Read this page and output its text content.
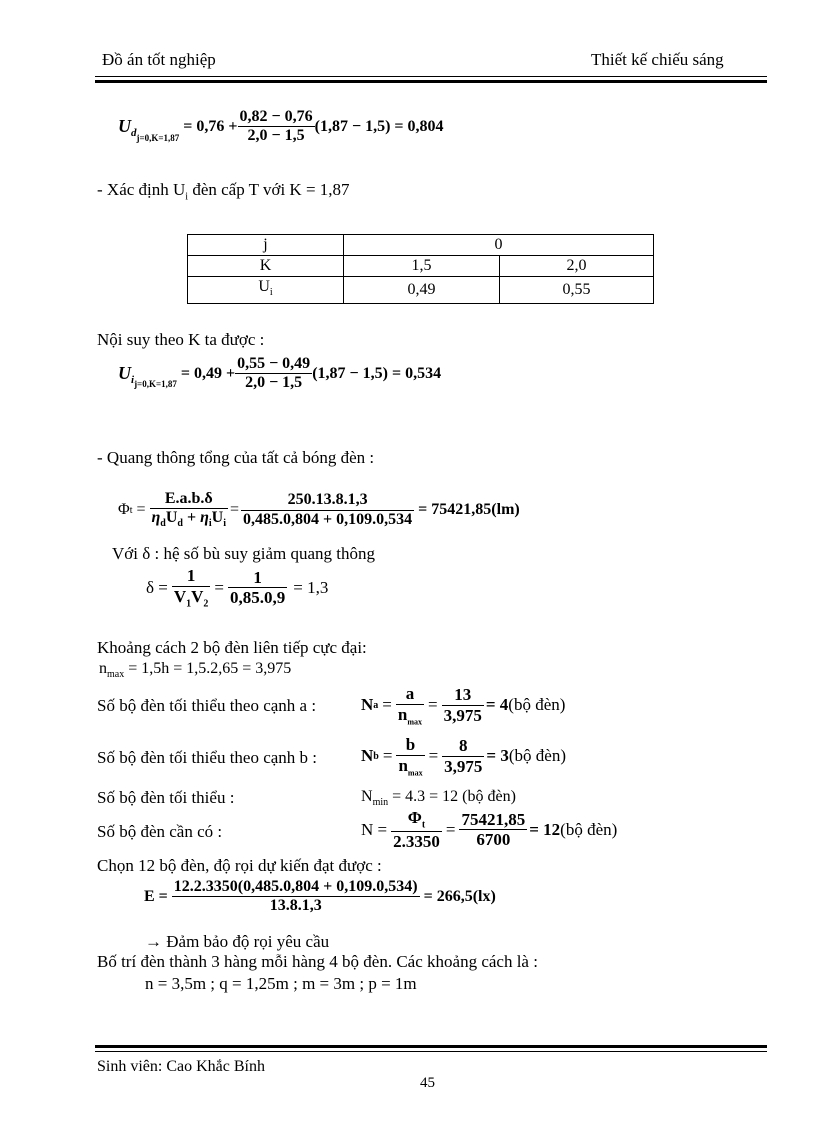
Đồ án tốt nghiệp	Thiết kế chiếu sáng
U d j=0,K=1,87
= $0,76 + \frac{0,82 - 0,76}{2,0 - 1,5} (1,87 - 1,5) = 0,804$
- Xác định $U_i$ đèn cấp T với K = 1,87
j	0	
K	1,5	2,0
$U_i$	0,49	0,55
Nội suy theo K ta được :
U i j=0,K=1,87
= $0,49 + \frac{0,55 - 0,49}{2,0 - 1,5} (1,87 - 1,5) = 0,534$
- Quang thông tổng của tất cả bóng đèn :
Φ $t = \frac{E.a.b.\delta}{\eta_dU_d + \eta_iU_i} = \frac{250.13.8.1,3}{0,485.0,804 + 0,109.0,534} = 75421,85(lm)$
Với δ : hệ số bù suy giảm quang thông
$\delta = \frac{1}{V_1V_2} = \frac{1}{0,85.0,9} = 1,3$
Khoảng cách 2 bộ đèn liên tiếp cực đại:
$n_{max} = 1,5h = 1,5.2,65 = 3,975$
Số bộ đèn tối thiểu theo cạnh a :	N $a = \frac{a}{n_{max}} = \frac{13}{3,975} = 4$ (bộ đèn)
Số bộ đèn tối thiểu theo cạnh b :	N $b = \frac{b}{n_{max}} = \frac{8}{3,975} = 3$ (bộ đèn)
Số bộ đèn tối thiểu :	$N_{min} = 4.3 = 12$ (bộ đèn)
Số bộ đèn cần có :	$N = \frac{\Phi_t}{2.3350} = \frac{75421,85}{6700} = 12$ (bộ đèn)
Chọn 12 bộ đèn, độ rọi dự kiến đạt được :
$E = \frac{12.2.3350(0,485.0,804 + 0,109.0,534)}{13.8.1,3} = 266,5(lx)$
→ Đảm bảo độ rọi yêu cầu
Bố trí đèn thành 3 hàng mỗi hàng 4 bộ đèn. Các khoảng cách là :
n = 3,5m ; q = 1,25m ; m = 3m ; p = 1m
Sinh viên: Cao Khắc Bính
45
